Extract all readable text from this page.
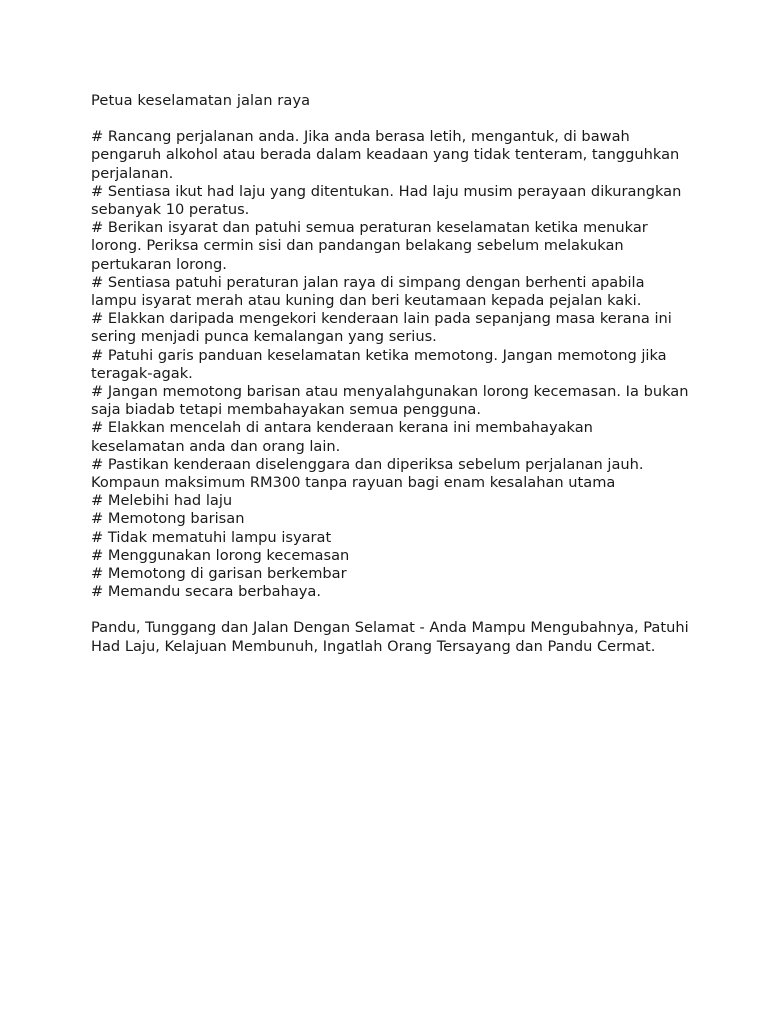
Petua keselamatan jalan raya
# Rancang perjalanan anda. Jika anda berasa letih, mengantuk, di bawah pengaruh alkohol atau berada dalam keadaan yang tidak tenteram, tangguhkan perjalanan.
# Sentiasa ikut had laju yang ditentukan. Had laju musim perayaan dikurangkan sebanyak 10 peratus.
# Berikan isyarat dan patuhi semua peraturan keselamatan ketika menukar lorong. Periksa cermin sisi dan pandangan belakang sebelum melakukan pertukaran lorong.
# Sentiasa patuhi peraturan jalan raya di simpang dengan berhenti apabila lampu isyarat merah atau kuning dan beri keutamaan kepada pejalan kaki.
# Elakkan daripada mengekori kenderaan lain pada sepanjang masa kerana ini sering menjadi punca kemalangan yang serius.
# Patuhi garis panduan keselamatan ketika memotong. Jangan memotong jika teragak-agak.
# Jangan memotong barisan atau menyalahgunakan lorong kecemasan. Ia bukan saja biadab tetapi membahayakan semua pengguna.
# Elakkan mencelah di antara kenderaan kerana ini membahayakan keselamatan anda dan orang lain.
# Pastikan kenderaan diselenggara dan diperiksa sebelum perjalanan jauh.

Kompaun maksimum RM300 tanpa rayuan bagi enam kesalahan utama

# Melebihi had laju
# Memotong barisan
# Tidak mematuhi lampu isyarat
# Menggunakan lorong kecemasan
# Memotong di garisan berkembar
# Memandu secara berbahaya.

Pandu, Tunggang dan Jalan Dengan Selamat - Anda Mampu Mengubahnya, Patuhi Had Laju, Kelajuan Membunuh, Ingatlah Orang Tersayang dan Pandu Cermat.
